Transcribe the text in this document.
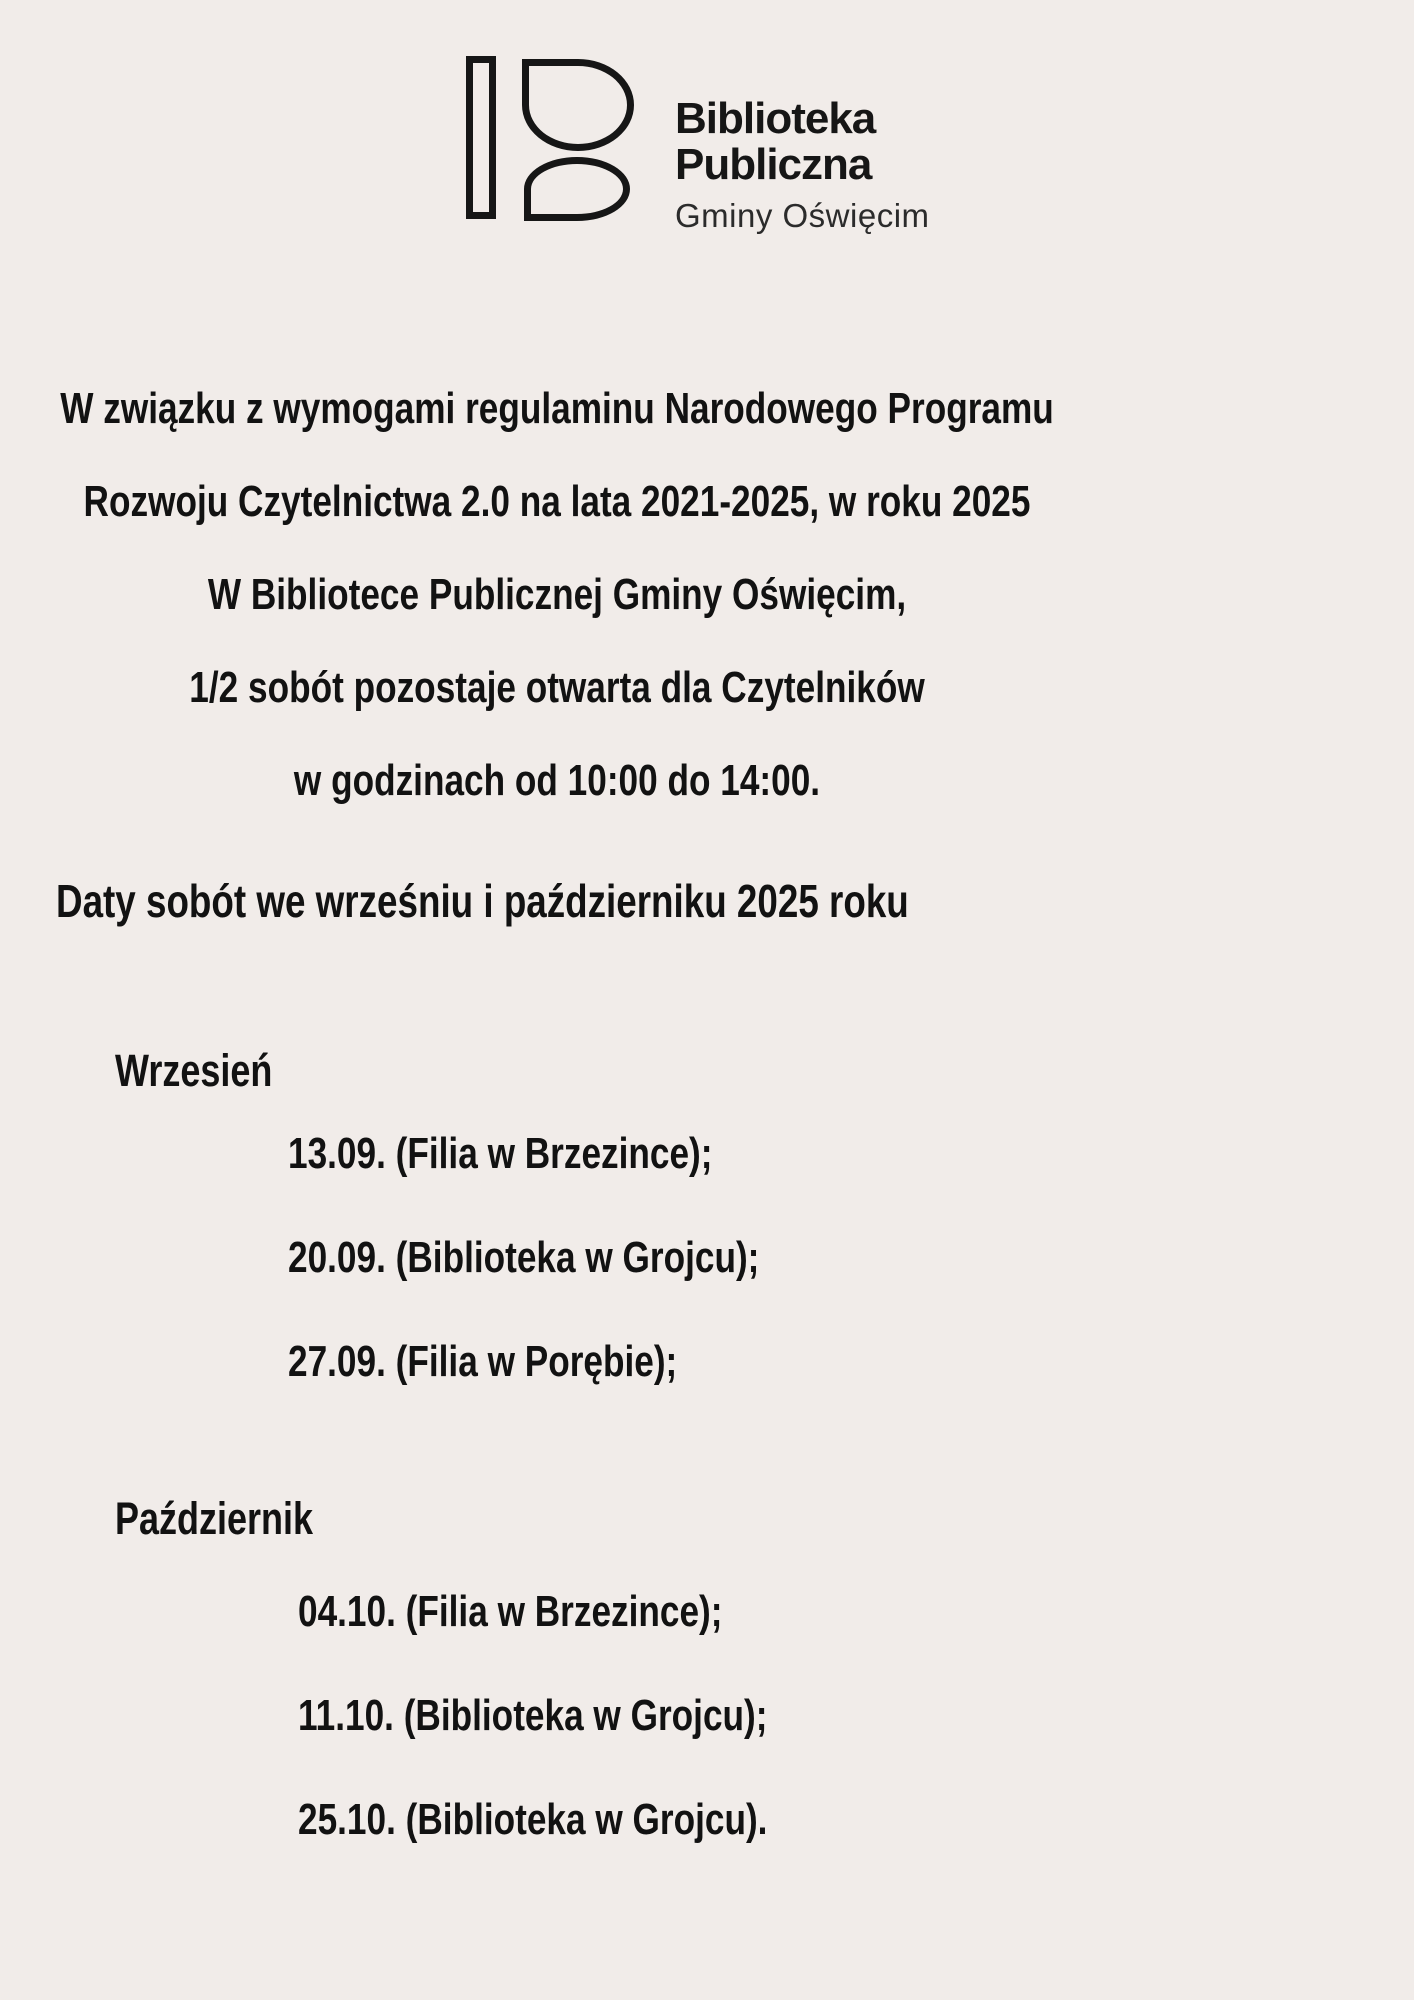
Biblioteka
Publiczna
Gminy Oświęcim
W związku z wymogami regulaminu Narodowego Programu
Rozwoju Czytelnictwa 2.0 na lata 2021-2025, w roku 2025
W Bibliotece Publicznej Gminy Oświęcim,
1/2 sobót pozostaje otwarta dla Czytelników
w godzinach od 10:00 do 14:00.
Daty sobót we wrześniu i październiku 2025 roku
Wrzesień
13.09. (Filia w Brzezince);
20.09. (Biblioteka w Grojcu);
27.09. (Filia w Porębie);
Październik
04.10. (Filia w Brzezince);
11.10. (Biblioteka w Grojcu);
25.10. (Biblioteka w Grojcu).
